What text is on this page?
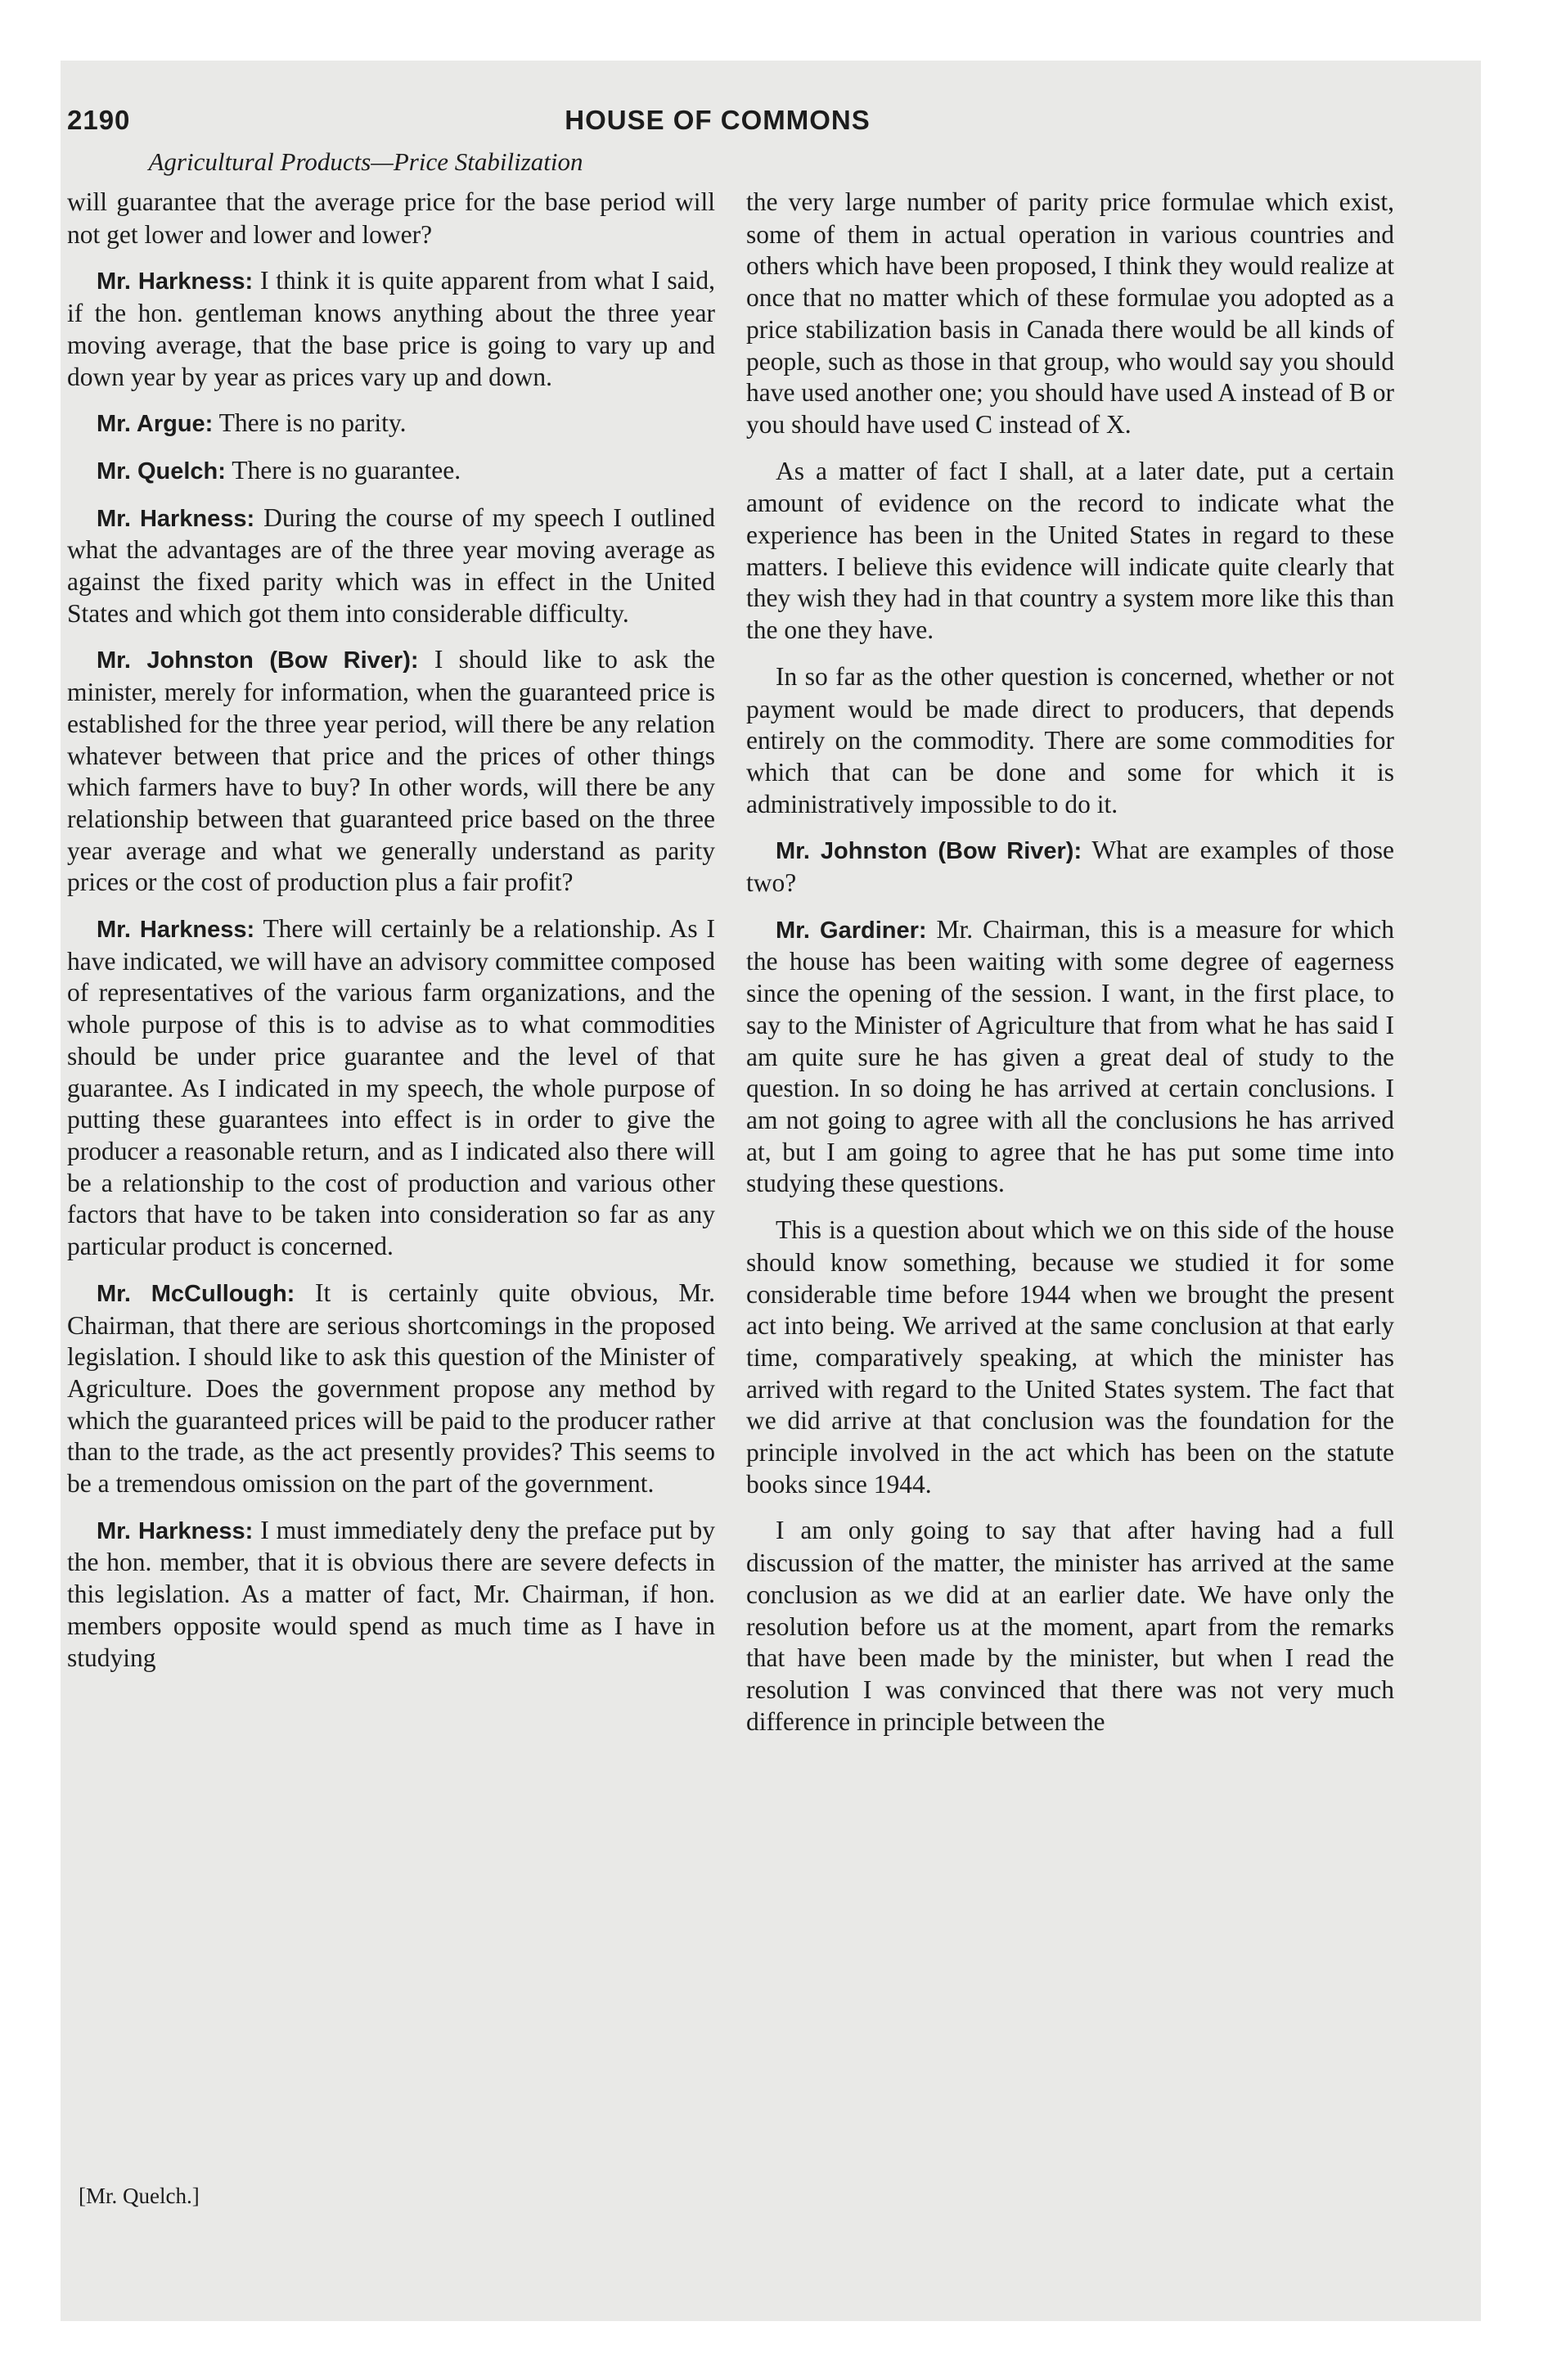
2190	HOUSE OF COMMONS
Agricultural Products—Price Stabilization

will guarantee that the average price for the base period will not get lower and lower and lower?

Mr. Harkness: I think it is quite apparent from what I said, if the hon. gentleman knows anything about the three year moving average, that the base price is going to vary up and down year by year as prices vary up and down.

Mr. Argue: There is no parity.

Mr. Quelch: There is no guarantee.

Mr. Harkness: During the course of my speech I outlined what the advantages are of the three year moving average as against the fixed parity which was in effect in the United States and which got them into considerable difficulty.

Mr. Johnston (Bow River): I should like to ask the minister, merely for information, when the guaranteed price is established for the three year period, will there be any relation whatever between that price and the prices of other things which farmers have to buy? In other words, will there be any relationship between that guaranteed price based on the three year average and what we generally understand as parity prices or the cost of production plus a fair profit?

Mr. Harkness: There will certainly be a relationship. As I have indicated, we will have an advisory committee composed of representatives of the various farm organizations, and the whole purpose of this is to advise as to what commodities should be under price guarantee and the level of that guarantee. As I indicated in my speech, the whole purpose of putting these guarantees into effect is in order to give the producer a reasonable return, and as I indicated also there will be a relationship to the cost of production and various other factors that have to be taken into consideration so far as any particular product is concerned.

Mr. McCullough: It is certainly quite obvious, Mr. Chairman, that there are serious shortcomings in the proposed legislation. I should like to ask this question of the Minister of Agriculture. Does the government propose any method by which the guaranteed prices will be paid to the producer rather than to the trade, as the act presently provides? This seems to be a tremendous omission on the part of the government.

Mr. Harkness: I must immediately deny the preface put by the hon. member, that it is obvious there are severe defects in this legislation. As a matter of fact, Mr. Chairman, if hon. members opposite would spend as much time as I have in studying

the very large number of parity price formulae which exist, some of them in actual operation in various countries and others which have been proposed, I think they would realize at once that no matter which of these formulae you adopted as a price stabilization basis in Canada there would be all kinds of people, such as those in that group, who would say you should have used another one; you should have used A instead of B or you should have used C instead of X.

As a matter of fact I shall, at a later date, put a certain amount of evidence on the record to indicate what the experience has been in the United States in regard to these matters. I believe this evidence will indicate quite clearly that they wish they had in that country a system more like this than the one they have.

In so far as the other question is concerned, whether or not payment would be made direct to producers, that depends entirely on the commodity. There are some commodities for which that can be done and some for which it is administratively impossible to do it.

Mr. Johnston (Bow River): What are examples of those two?

Mr. Gardiner: Mr. Chairman, this is a measure for which the house has been waiting with some degree of eagerness since the opening of the session. I want, in the first place, to say to the Minister of Agriculture that from what he has said I am quite sure he has given a great deal of study to the question. In so doing he has arrived at certain conclusions. I am not going to agree with all the conclusions he has arrived at, but I am going to agree that he has put some time into studying these questions.

This is a question about which we on this side of the house should know something, because we studied it for some considerable time before 1944 when we brought the present act into being. We arrived at the same conclusion at that early time, comparatively speaking, at which the minister has arrived with regard to the United States system. The fact that we did arrive at that conclusion was the foundation for the principle involved in the act which has been on the statute books since 1944.

I am only going to say that after having had a full discussion of the matter, the minister has arrived at the same conclusion as we did at an earlier date. We have only the resolution before us at the moment, apart from the remarks that have been made by the minister, but when I read the resolution I was convinced that there was not very much difference in principle between the

[Mr. Quelch.]
